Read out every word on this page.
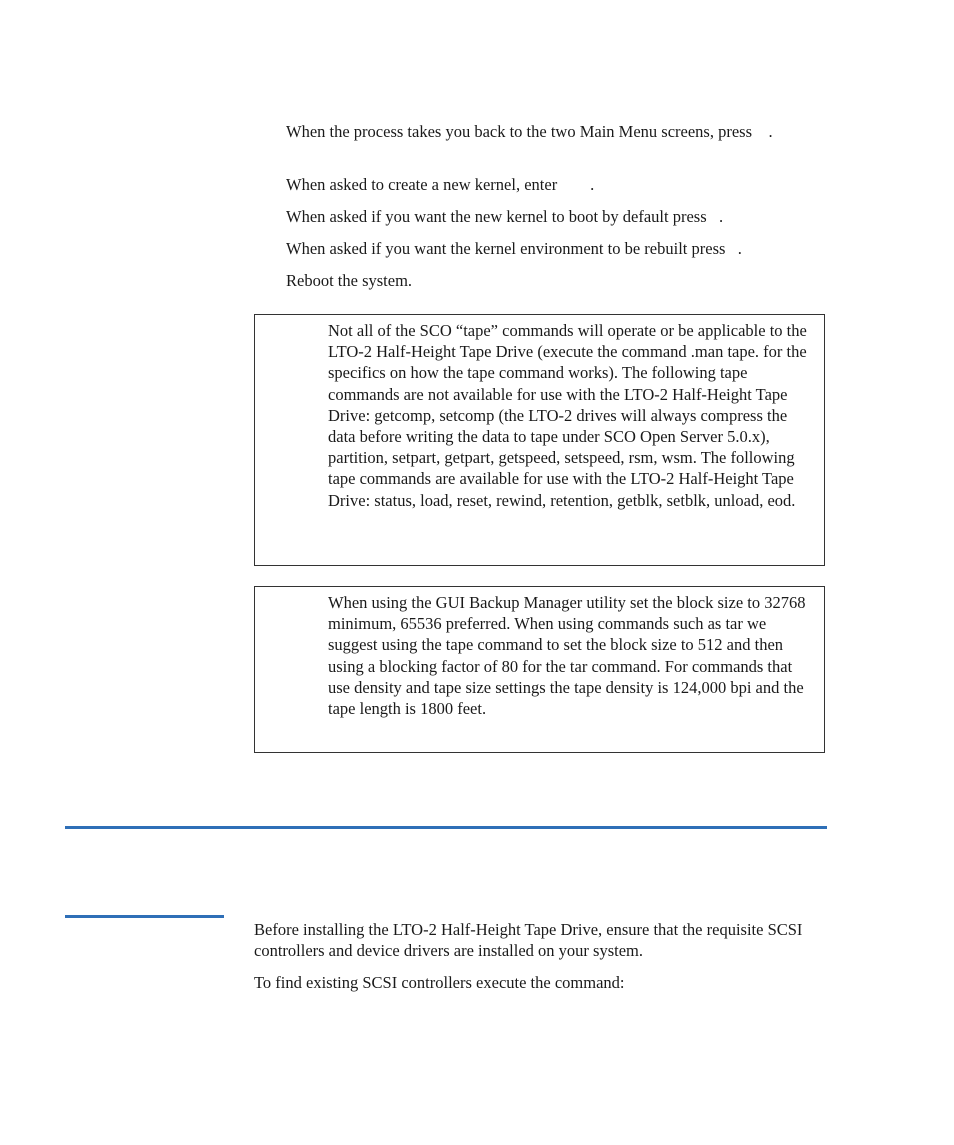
When the process takes you back to the two Main Menu screens, press    .

When asked to create a new kernel, enter        .

When asked if you want the new kernel to boot by default press   .

When asked if you want the kernel environment to be rebuilt press   .

Reboot the system.

Not all of the SCO “tape” commands will operate or be applicable to the LTO-2 Half-Height Tape Drive (execute the command .man tape. for the specifics on how the tape command works). The following tape commands are not available for use with the LTO-2 Half-Height Tape Drive: getcomp, setcomp (the LTO-2 drives will always compress the data before writing the data to tape under SCO Open Server 5.0.x), partition, setpart, getpart, getspeed, setspeed, rsm, wsm. The following tape commands are available for use with the LTO-2 Half-Height Tape Drive: status, load, reset, rewind, retention, getblk, setblk, unload, eod.

When using the GUI Backup Manager utility set the block size to 32768 minimum, 65536 preferred. When using commands such as tar we suggest using the tape command to set the block size to 512 and then using a blocking factor of 80 for the tar command. For commands that use density and tape size settings the tape density is 124,000 bpi and the tape length is 1800 feet.

Before installing the LTO-2 Half-Height Tape Drive, ensure that the requisite SCSI controllers and device drivers are installed on your system.

To find existing SCSI controllers execute the command:
